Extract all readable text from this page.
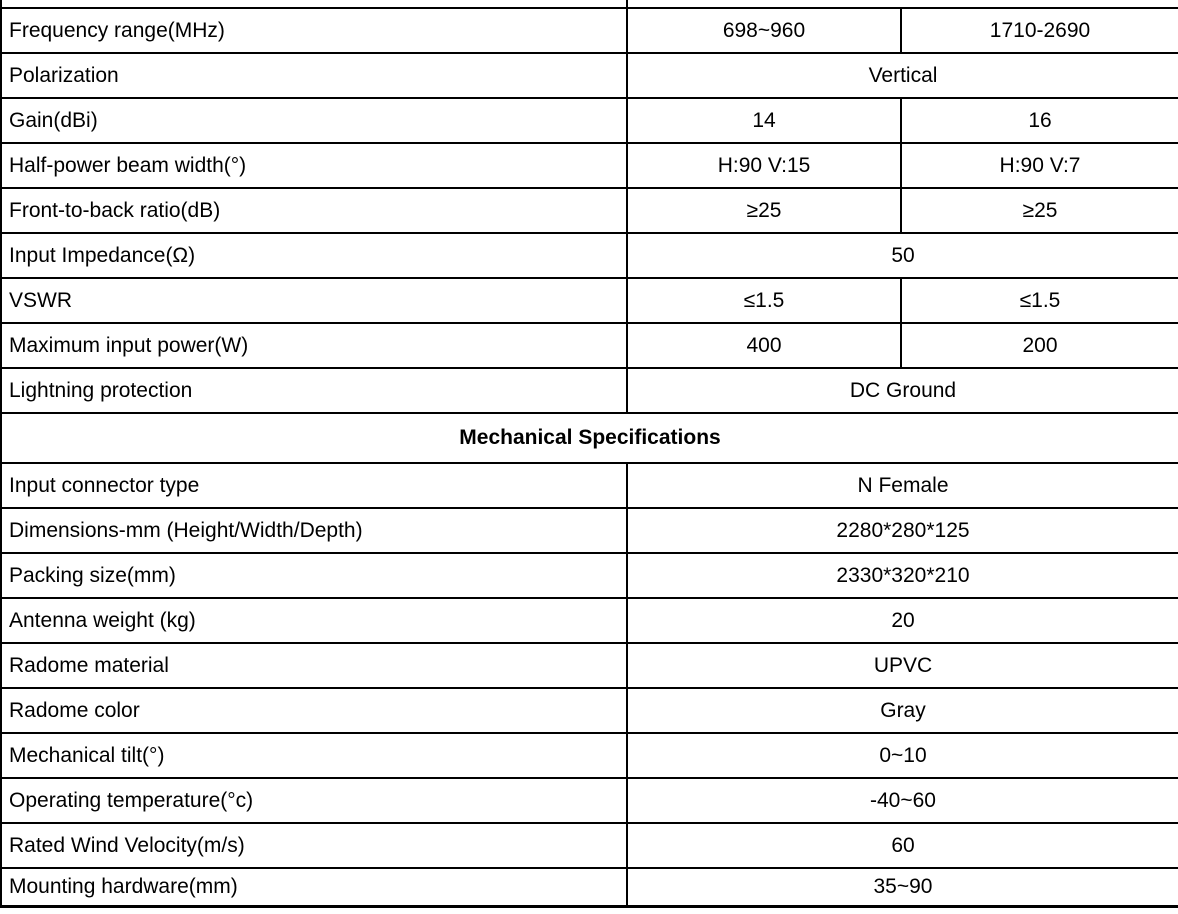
Frequency range(MHz)	698~960	1710-2690
Polarization	Vertical	
Gain(dBi)	14	16
Half-power beam width(°)	H:90 V:15	H:90 V:7
Front-to-back ratio(dB)	≥25	≥25
Input Impedance(Ω)	50	
VSWR	≤1.5	≤1.5
Maximum input power(W)	400	200
Lightning protection	DC Ground	
Mechanical Specifications		
Input connector type	N Female	
Dimensions-mm (Height/Width/Depth)	2280*280*125	
Packing size(mm)	2330*320*210	
Antenna weight (kg)	20	
Radome material	UPVC	
Radome color	Gray	
Mechanical tilt(°)	0~10	
Operating temperature(°c)	-40~60	
Rated Wind Velocity(m/s)	60	
Mounting hardware(mm)	35~90	
